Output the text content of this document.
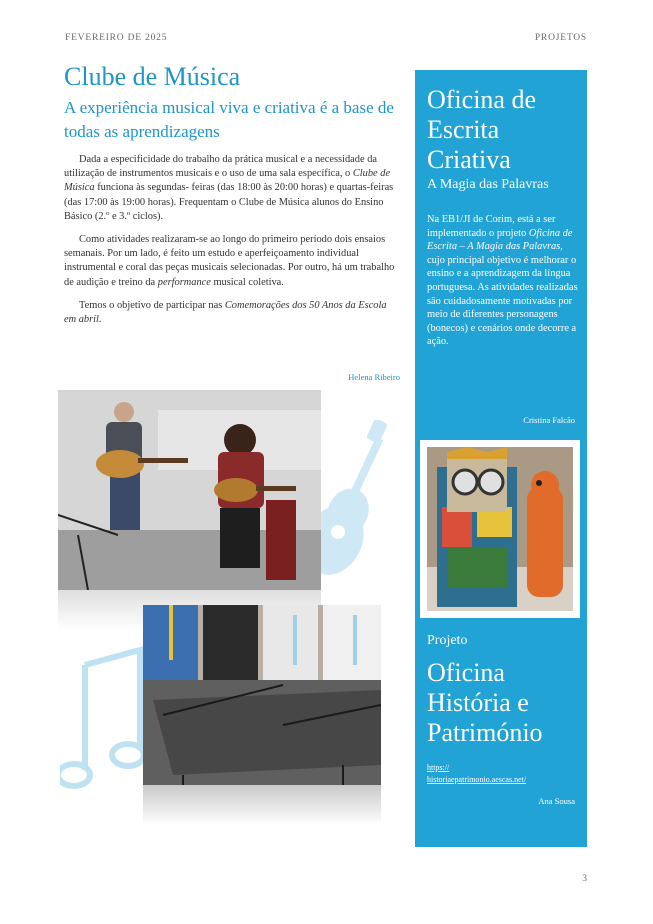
FEVEREIRO DE 2025	PROJETOS
Clube de Música
A experiência musical viva e criativa é a base de todas as aprendizagens

Dada a especificidade do trabalho da prática musical e a necessidade da utilização de instrumentos musicais e o uso de uma sala específica, o Clube de Música funciona às segundas- feiras (das 18:00 às 20:00 horas) e quartas-feiras (das 17:00 às 19:00 horas). Frequentam o Clube de Música alunos do Ensino Básico (2.º e 3.º ciclos).

Como atividades realizaram-se ao longo do primeiro período dois ensaios semanais. Por um lado, é feito um estudo e aperfeiçoamento individual instrumental e coral das peças musicais selecionadas. Por outro, há um trabalho de audição e treino da performance musical coletiva.

Temos o objetivo de participar nas Comemorações dos 50 Anos da Escola em abril.

Helena Ribeiro
Oficina de Escrita Criativa
A Magia das Palavras
Na EB1/JI de Corim, está a ser implementado o projeto Oficina de Escrita – A Magia das Palavras, cujo principal objetivo é melhorar o ensino e a aprendizagem da língua portuguesa. As atividades realizadas são cuidadosamente motivadas por meio de diferentes personagens (bonecos) e cenários onde decorre a ação.
Cristina Falcão
Projeto
Oficina História e Património
https://
historiaepatrimonio.aescas.net/
Ana Sousa
3
